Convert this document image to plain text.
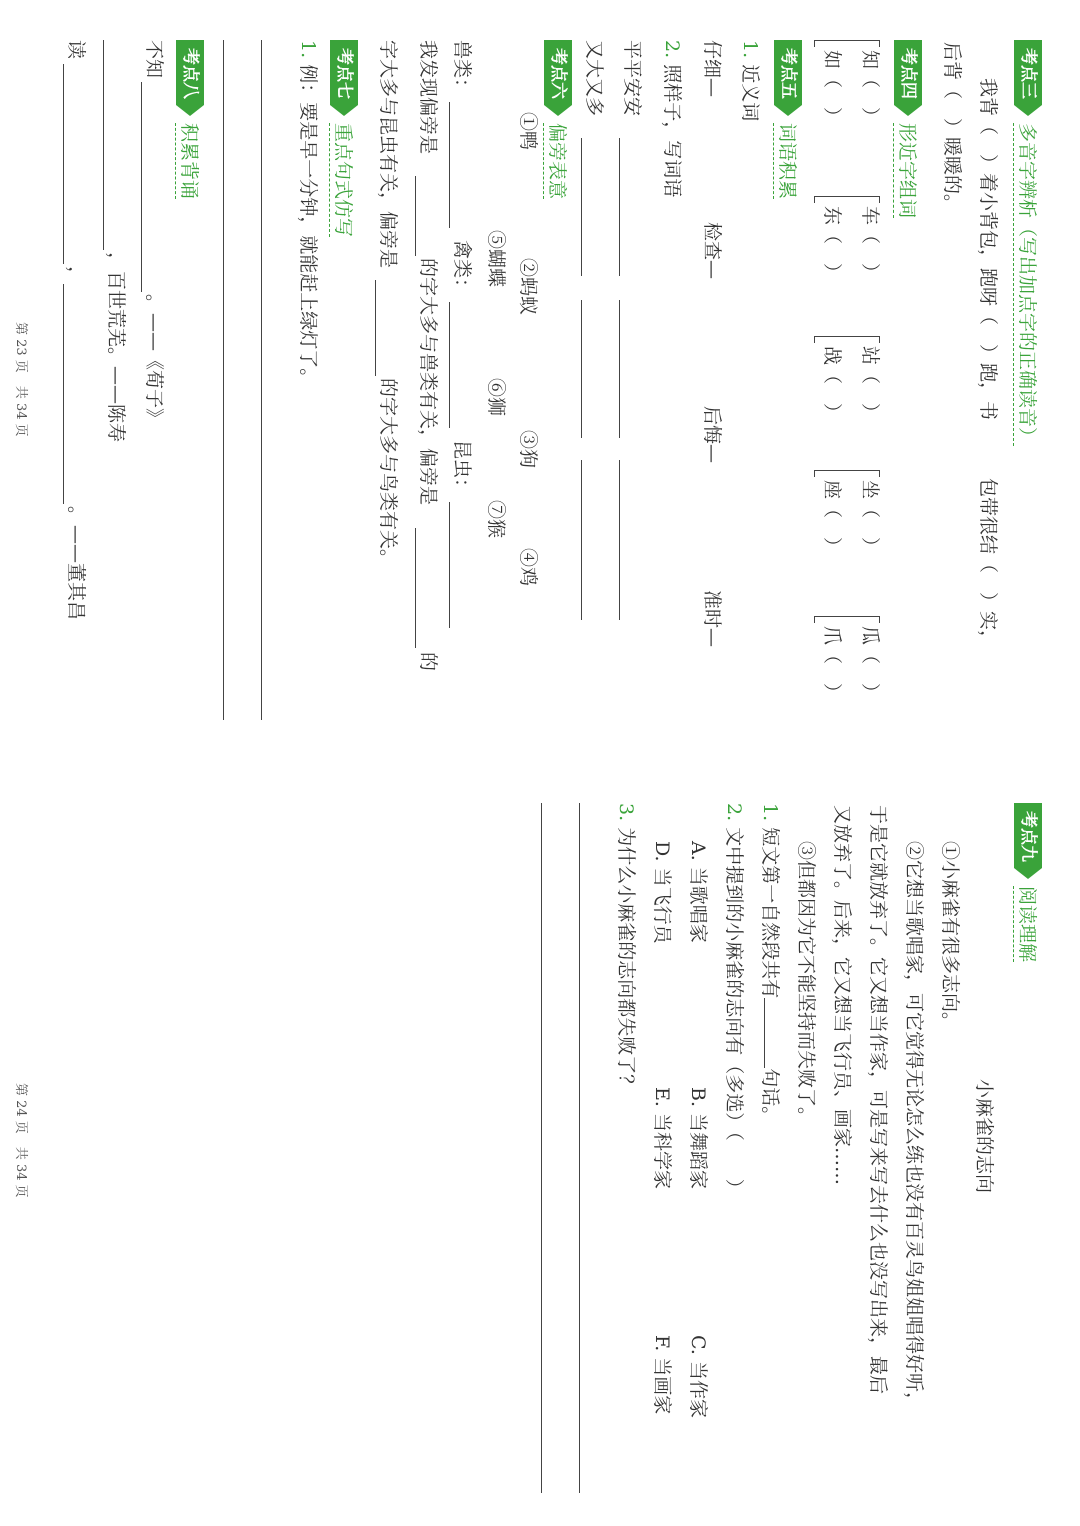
考点三
多音字辨析（写出加点字的正确读音）
我背（　）着小背包，跑呀（　）跑，书
包带很结（　）实，
后背（　）暖暖的。
考点四
形近字组词
知（　）
如（　）
车（　）
东（　）
站（　）
战（　）
坐（　）
座（　）
瓜（　）
爪（　）
考点五
词语积累
1. 近义词
仔细—
检查—
后悔—
准时—
2. 照样子，写词语
平平安安
又大又多
考点六
偏旁表意
①鸭
②蚂蚁
③狗
④鸡
⑤蝴蝶
⑥狮
⑦猴
兽类：
禽类：
昆虫：
我发现偏旁是
的字大多与兽类有关，偏旁是
的
字大多与昆虫有关，偏旁是
的字大多与鸟类有关。
考点七
重点句式仿写
1. 例：要是早一分钟，就能赶上绿灯了。
考点八
积累背诵
不知
。——《荀子》
，百世荒芜。——陈寿
读
，
。——董其昌
第 23 页　共 34 页
考点九
阅读理解
小麻雀的志向
①小麻雀有很多志向。
②它想当歌唱家，可它觉得无论怎么练也没有百灵鸟姐姐唱得好听，
于是它就放弃了。它又想当作家，可是写来写去什么也没写出来，最后
又放弃了。后来，它又想当飞行员、画家……
③但都因为它不能坚持而失败了。
1. 短文第一自然段共有句话。
2. 文中提到的小麻雀的志向有（多选）（　　）
A. 当歌唱家
B. 当舞蹈家
C. 当作家
D. 当飞行员
E. 当科学家
F. 当画家
3. 为什么小麻雀的志向都失败了？
第 24 页　共 34 页
